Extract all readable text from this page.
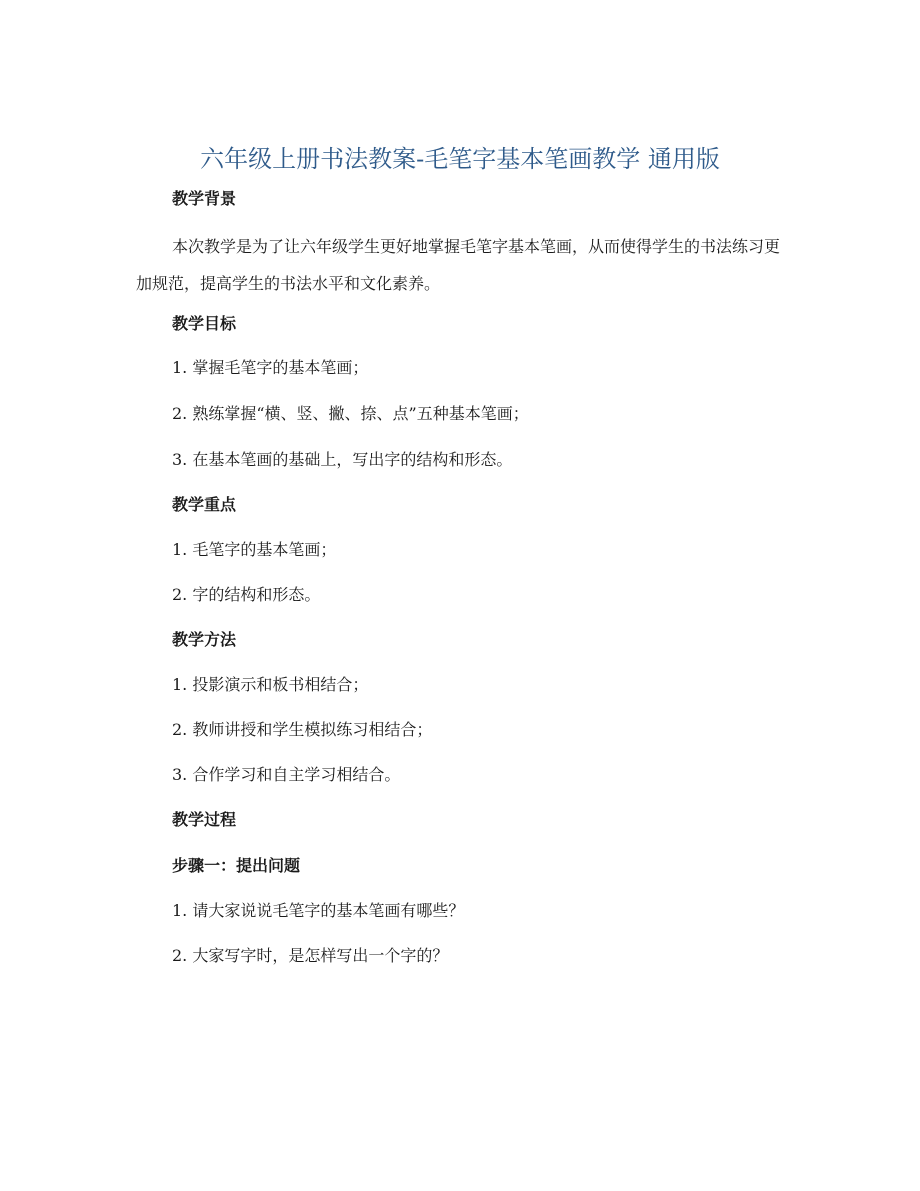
六年级上册书法教案-毛笔字基本笔画教学 通用版
教学背景

本次教学是为了让六年级学生更好地掌握毛笔字基本笔画，从而使得学生的书法练习更加规范，提高学生的书法水平和文化素养。

教学目标
1. 掌握毛笔字的基本笔画；
2. 熟练掌握“横、竖、撇、捺、点”五种基本笔画；
3. 在基本笔画的基础上，写出字的结构和形态。
教学重点
1. 毛笔字的基本笔画；
2. 字的结构和形态。
教学方法
1. 投影演示和板书相结合；
2. 教师讲授和学生模拟练习相结合；
3. 合作学习和自主学习相结合。
教学过程
步骤一：提出问题
1. 请大家说说毛笔字的基本笔画有哪些？
2. 大家写字时，是怎样写出一个字的？
